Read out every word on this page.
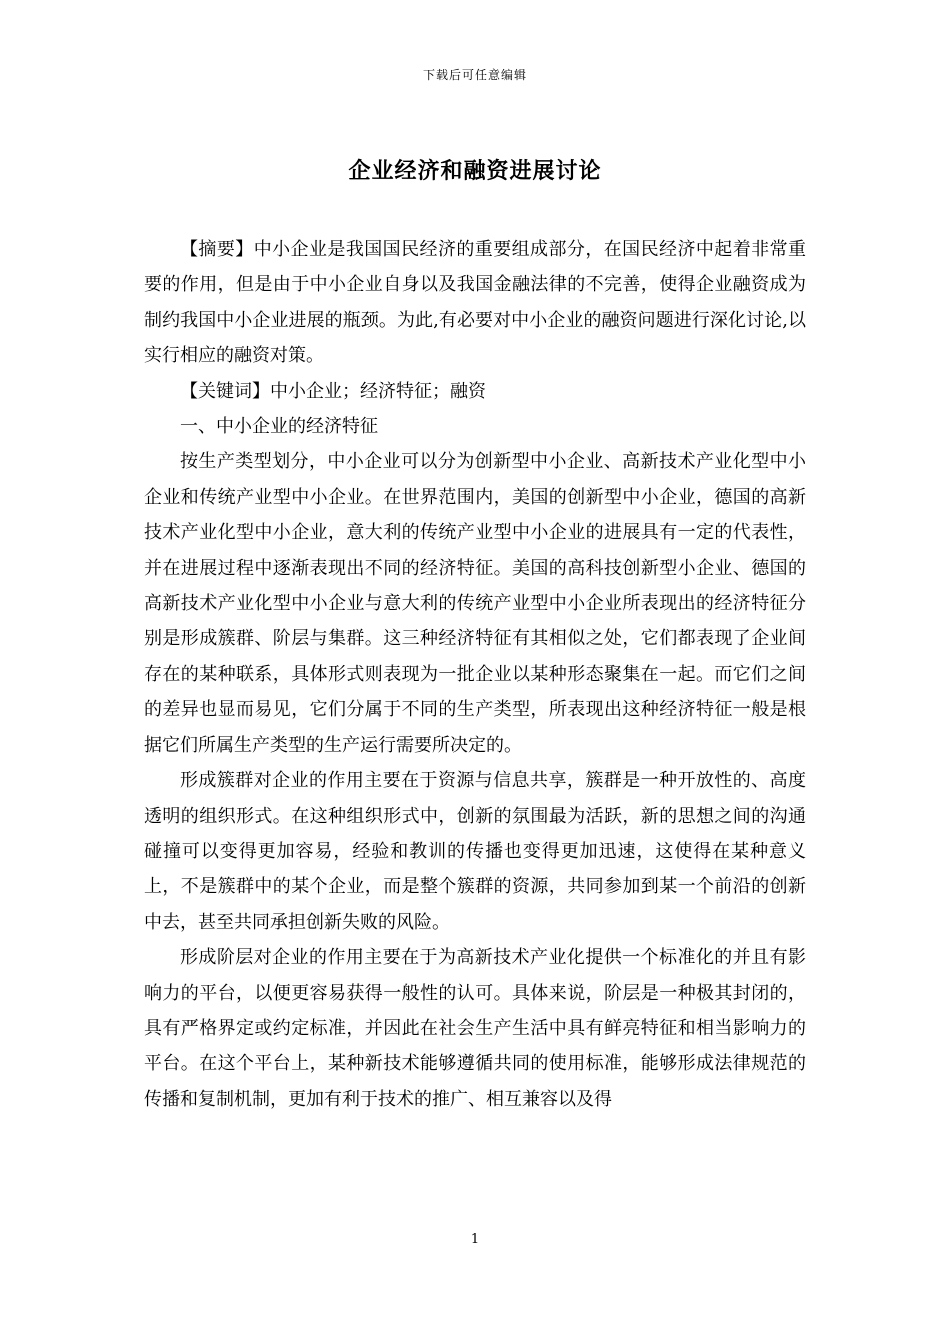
下载后可任意编辑
企业经济和融资进展讨论

【摘要】中小企业是我国国民经济的重要组成部分，在国民经济中起着非常重要的作用，但是由于中小企业自身以及我国金融法律的不完善，使得企业融资成为制约我国中小企业进展的瓶颈。为此,有必要对中小企业的融资问题进行深化讨论,以实行相应的融资对策。

【关键词】中小企业；经济特征；融资

一、中小企业的经济特征

按生产类型划分，中小企业可以分为创新型中小企业、高新技术产业化型中小企业和传统产业型中小企业。在世界范围内，美国的创新型中小企业，德国的高新技术产业化型中小企业，意大利的传统产业型中小企业的进展具有一定的代表性，并在进展过程中逐渐表现出不同的经济特征。美国的高科技创新型小企业、德国的高新技术产业化型中小企业与意大利的传统产业型中小企业所表现出的经济特征分别是形成簇群、阶层与集群。这三种经济特征有其相似之处，它们都表现了企业间存在的某种联系，具体形式则表现为一批企业以某种形态聚集在一起。而它们之间的差异也显而易见，它们分属于不同的生产类型，所表现出这种经济特征一般是根据它们所属生产类型的生产运行需要所决定的。

形成簇群对企业的作用主要在于资源与信息共享，簇群是一种开放性的、高度透明的组织形式。在这种组织形式中，创新的氛围最为活跃，新的思想之间的沟通碰撞可以变得更加容易，经验和教训的传播也变得更加迅速，这使得在某种意义上，不是簇群中的某个企业，而是整个簇群的资源，共同参加到某一个前沿的创新中去，甚至共同承担创新失败的风险。

形成阶层对企业的作用主要在于为高新技术产业化提供一个标准化的并且有影响力的平台，以便更容易获得一般性的认可。具体来说，阶层是一种极其封闭的，具有严格界定或约定标准，并因此在社会生产生活中具有鲜亮特征和相当影响力的平台。在这个平台上，某种新技术能够遵循共同的使用标准，能够形成法律规范的传播和复制机制，更加有利于技术的推广、相互兼容以及得

1
